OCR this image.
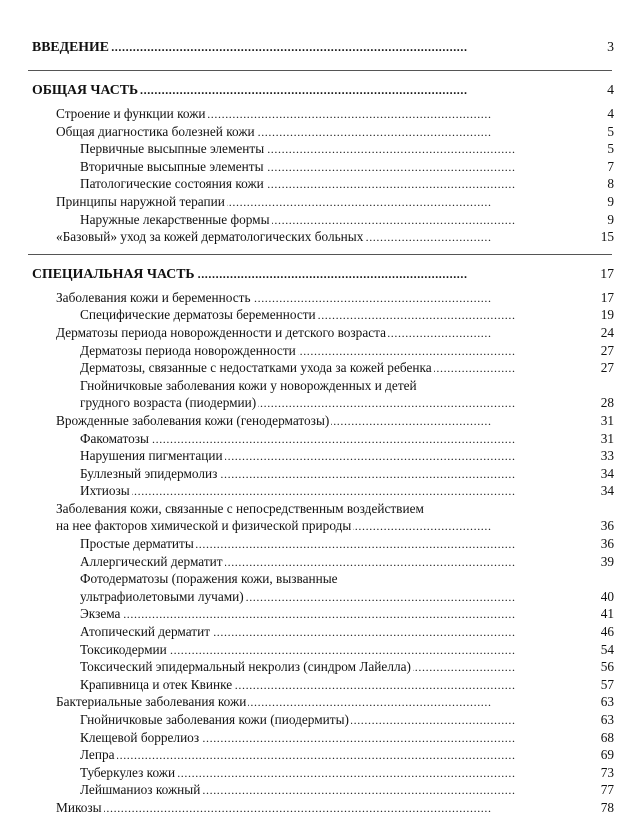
ВВЕДЕНИЕ . . .	3
ОБЩАЯ ЧАСТЬ . . .	4
Строение и функции кожи . . .	4
Общая диагностика болезней кожи . . .	5
Первичные высыпные элементы . . .	5
Вторичные высыпные элементы . . .	7
Патологические состояния кожи . . .	8
Принципы наружной терапии . . .	9
Наружные лекарственные формы . . .	9
«Базовый» уход за кожей дерматологических больных . . .	15
СПЕЦИАЛЬНАЯ ЧАСТЬ . . .	17
Заболевания кожи и беременность . . .	17
Специфические дерматозы беременности . . .	19
Дерматозы периода новорожденности и детского возраста . . .	24
Дерматозы периода новорожденности . . .	27
Дерматозы, связанные с недостатками ухода за кожей ребенка . . .	27
Гнойничковые заболевания кожи у новорожденных и детей
грудного возраста (пиодермии) . . .	28
Врожденные заболевания кожи (генодерматозы) . . .	31
Факоматозы . . .	31
Нарушения пигментации . . .	33
Буллезный эпидермолиз . . .	34
Ихтиозы . . .	34
Заболевания кожи, связанные с непосредственным воздействием
на нее факторов химической и физической природы . . .	36
Простые дерматиты . . .	36
Аллергический дерматит . . .	39
Фотодерматозы (поражения кожи, вызванные
ультрафиолетовыми лучами) . . .	40
Экзема . . .	41
Атопический дерматит . . .	46
Токсикодермии . . .	54
Токсический эпидермальный некролиз (синдром Лайелла) . . .	56
Крапивница и отек Квинке . . .	57
Бактериальные заболевания кожи . . .	63
Гнойничковые заболевания кожи (пиодермиты) . . .	63
Клещевой боррелиоз . . .	68
Лепра . . .	69
Туберкулез кожи . . .	73
Лейшманиоз кожный . . .	77
Микозы . . .	78
